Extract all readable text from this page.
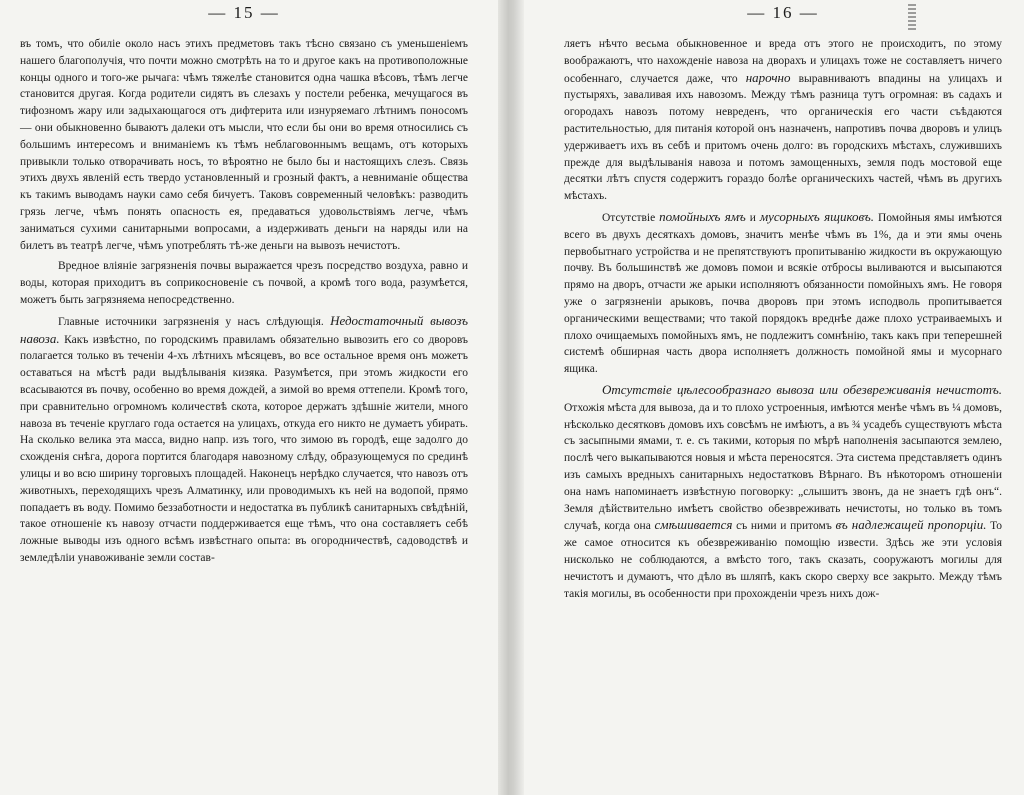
— 15 —

въ томъ, что обиліе около насъ этихъ предметовъ такъ тѣсно связано съ уменьшеніемъ нашего благополучія, что почти можно смотрѣть на то и другое какъ на противоположные концы одного и того-же рычага: чѣмъ тяжелѣе становится одна чашка вѣсовъ, тѣмъ легче становится другая. Когда родители сидятъ въ слезахъ у постели ребенка, мечущагося въ тифозномъ жару или задыхающагося отъ дифтерита или изнуряемаго лѣтнимъ поносомъ — они обыкновенно бываютъ далеки отъ мысли, что если бы они во время относились съ большимъ интересомъ и вниманіемъ къ тѣмъ неблаговоннымъ вещамъ, отъ которыхъ привыкли только отворачивать носъ, то вѣроятно не было бы и настоящихъ слезъ. Связь этихъ двухъ явленій есть твердо установленный и грозный фактъ, а невниманіе общества къ такимъ выводамъ науки само себя бичуетъ. Таковъ современный человѣкъ: разводить грязь легче, чѣмъ понять опасность ея, предаваться удовольствіямъ легче, чѣмъ заниматься сухими санитарными вопросами, а издерживать деньги на наряды или на билетъ въ театрѣ легче, чѣмъ употреблять тѣ-же деньги на вывозъ нечистотъ.

Вредное вліяніе загрязненія почвы выражается чрезъ посредство воздуха, равно и воды, которая приходитъ въ соприкосновеніе съ почвой, а кромѣ того вода, разумѣется, можетъ быть загрязняема непосредственно.

Главные источники загрязненія у насъ слѣдующія. Недостаточный вывозъ навоза. Какъ извѣстно, по городскимъ правиламъ обязательно вывозить его со дворовъ полагается только въ теченіи 4-хъ лѣтнихъ мѣсяцевъ, во все остальное время онъ можетъ оставаться на мѣстѣ ради выдѣлыванія кизяка. Разумѣется, при этомъ жидкости его всасываются въ почву, особенно во время дождей, а зимой во время оттепели. Кромѣ того, при сравнительно огромномъ количествѣ скота, которое держатъ здѣшніе жители, много навоза въ теченіе круглаго года остается на улицахъ, откуда его никто не думаетъ убирать. На сколько велика эта масса, видно напр. изъ того, что зимою въ городѣ, еще задолго до схожденія снѣга, дорога портится благодаря навозному слѣду, образующемуся по срединѣ улицы и во всю ширину торговыхъ площадей. Наконецъ нерѣдко случается, что навозъ отъ животныхъ, переходящихъ чрезъ Алматинку, или проводимыхъ къ ней на водопой, прямо попадаетъ въ воду. Помимо беззаботности и недостатка въ публикѣ санитарныхъ свѣдѣній, такое отношеніе къ навозу отчасти поддерживается еще тѣмъ, что она составляетъ себѣ ложные выводы изъ одного всѣмъ извѣстнаго опыта: въ огородничествѣ, садоводствѣ и земледѣліи унавоживаніе земли состав-

— 16 —

ляетъ нѣчто весьма обыкновенное и вреда отъ этого не происходитъ, по этому воображаютъ, что нахожденіе навоза на дворахъ и улицахъ тоже не составляетъ ничего особеннаго, случается даже, что нарочно выравниваютъ впадины на улицахъ и пустыряхъ, заваливая ихъ навозомъ. Между тѣмъ разница тутъ огромная: въ садахъ и огородахъ навозъ потому невреденъ, что органическія его части съѣдаются растительностью, для питанія которой онъ назначенъ, напротивъ почва дворовъ и улицъ удерживаетъ ихъ въ себѣ и притомъ очень долго: въ городскихъ мѣстахъ, служившихъ прежде для выдѣлыванія навоза и потомъ замощенныхъ, земля подъ мостовой еще десятки лѣтъ спустя содержитъ гораздо болѣе органическихъ частей, чѣмъ въ другихъ мѣстахъ.

Отсутствіе помойныхъ ямъ и мусорныхъ ящиковъ. Помойныя ямы имѣются всего въ двухъ десяткахъ домовъ, значитъ менѣе чѣмъ въ 1%, да и эти ямы очень первобытнаго устройства и не препятствуютъ пропитыванію жидкости въ окружающую почву. Въ большинствѣ же домовъ помои и всякіе отбросы выливаются и высыпаются прямо на дворъ, отчасти же арыки исполняютъ обязанности помойныхъ ямъ. Не говоря уже о загрязненіи арыковъ, почва дворовъ при этомъ исподволь пропитывается органическими веществами; что такой порядокъ вреднѣе даже плохо устраиваемыхъ и плохо очищаемыхъ помойныхъ ямъ, не подлежитъ сомнѣнію, такъ какъ при теперешней системѣ обширная часть двора исполняетъ должность помойной ямы и мусорнаго ящика.

Отсутствіе цѣлесообразнаго вывоза или обезвреживанія нечистотъ. Отхожія мѣста для вывоза, да и то плохо устроенныя, имѣются менѣе чѣмъ въ ¼ домовъ, нѣсколько десятковъ домовъ ихъ совсѣмъ не имѣютъ, а въ ¾ усадебъ существуютъ мѣста съ засыпными ямами, т. е. съ такими, которыя по мѣрѣ наполненія засыпаются землею, послѣ чего выкапываются новыя и мѣста переносятся. Эта система представляетъ одинъ изъ самыхъ вредныхъ санитарныхъ недостатковъ Вѣрнаго. Въ нѣкоторомъ отношеніи она намъ напоминаетъ извѣстную поговорку: „слышитъ звонъ, да не знаетъ гдѣ онъ“. Земля дѣйствительно имѣетъ свойство обезвреживать нечистоты, но только въ томъ случаѣ, когда она смѣшивается съ ними и притомъ въ надлежащей пропорціи. То же самое относится къ обезвреживанію помощію извести. Здѣсь же эти условія нисколько не соблюдаются, а вмѣсто того, такъ сказать, сооружаютъ могилы для нечистотъ и думаютъ, что дѣло въ шляпѣ, какъ скоро сверху все закрыто. Между тѣмъ такія могилы, въ особенности при прохожденіи чрезъ нихъ дож-
